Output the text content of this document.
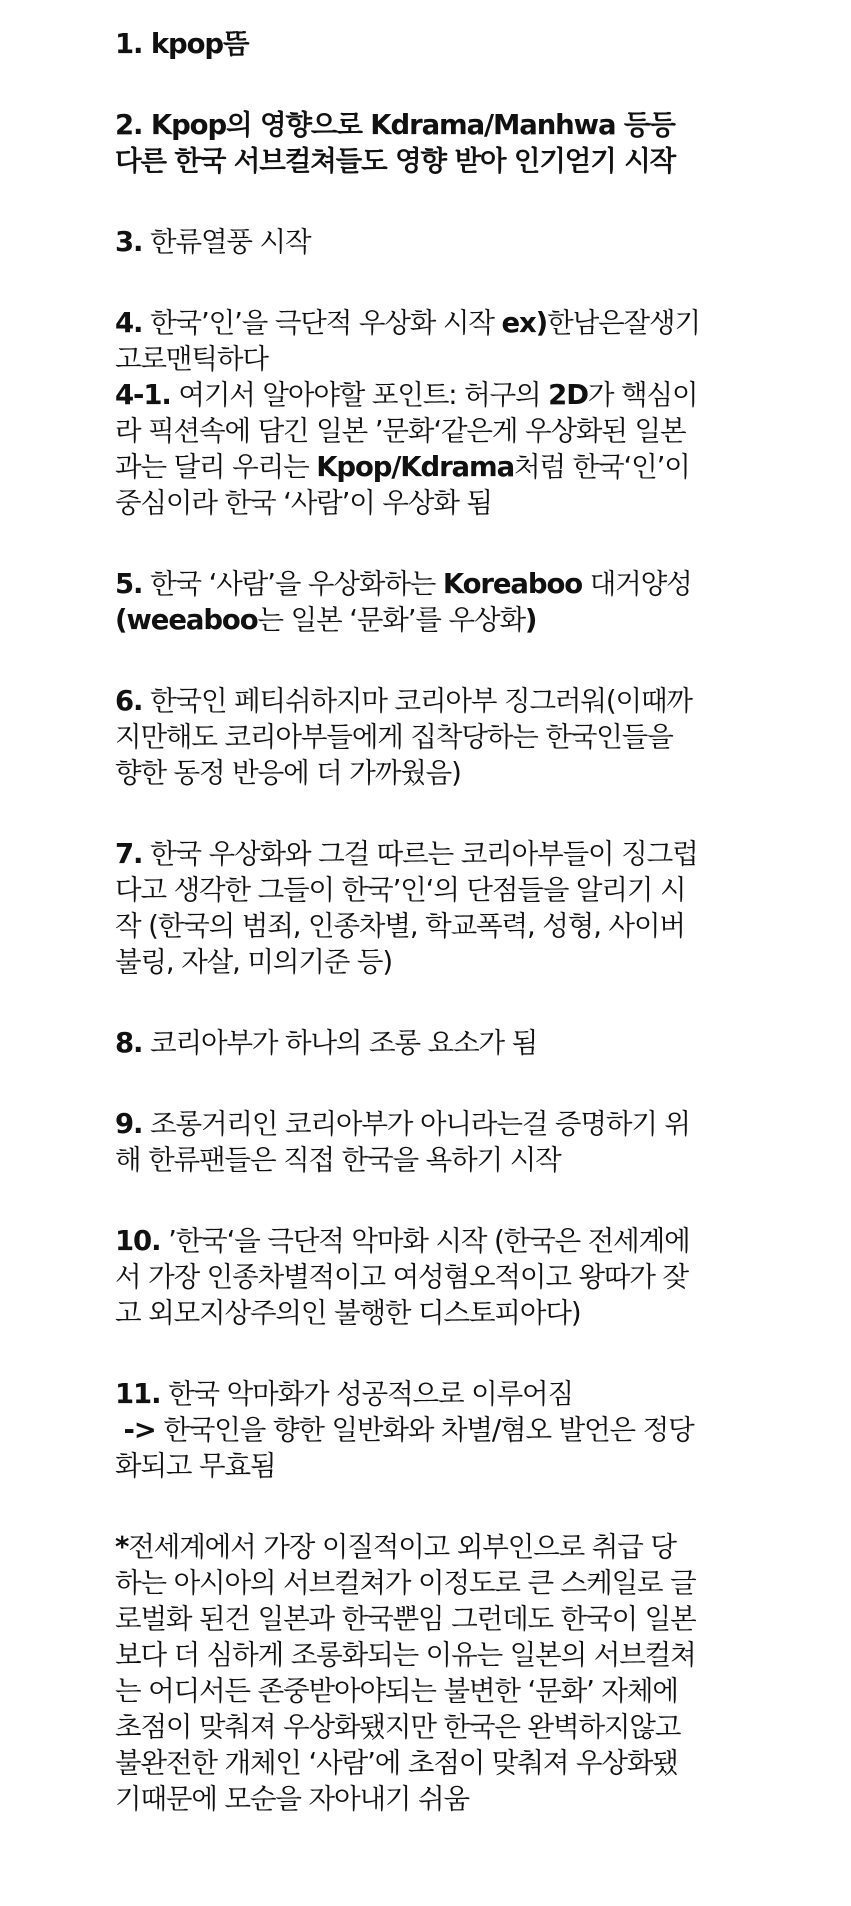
1. kpop뜸
2. Kpop의 영향으로 Kdrama/Manhwa 등등
다른 한국 서브컬쳐들도 영향 받아 인기얻기 시작
3. 한류열풍 시작
4. 한국’인’을 극단적 우상화 시작 ex)한남은잘생기
고로맨틱하다
4-1. 여기서 알아야할 포인트: 허구의 2D가 핵심이
라 픽션속에 담긴 일본 ’문화‘같은게 우상화된 일본
과는 달리 우리는 Kpop/Kdrama처럼 한국‘인’이
중심이라 한국 ‘사람’이 우상화 됨
5. 한국 ‘사람’을 우상화하는 Koreaboo 대거양성
(weeaboo는 일본 ‘문화’를 우상화)
6. 한국인 페티쉬하지마 코리아부 징그러워(이때까
지만해도 코리아부들에게 집착당하는 한국인들을
향한 동정 반응에 더 가까웠음)
7. 한국 우상화와 그걸 따르는 코리아부들이 징그럽
다고 생각한 그들이 한국’인‘의 단점들을 알리기 시
작 (한국의 범죄, 인종차별, 학교폭력, 성형, 사이버
불링, 자살, 미의기준 등)
8. 코리아부가 하나의 조롱 요소가 됨
9. 조롱거리인 코리아부가 아니라는걸 증명하기 위
해 한류팬들은 직접 한국을 욕하기 시작
10. ’한국‘을 극단적 악마화 시작 (한국은 전세계에
서 가장 인종차별적이고 여성혐오적이고 왕따가 잦
고 외모지상주의인 불행한 디스토피아다)
11. 한국 악마화가 성공적으로 이루어짐
-> 한국인을 향한 일반화와 차별/혐오 발언은 정당
화되고 무효됨
*전세계에서 가장 이질적이고 외부인으로 취급 당
하는 아시아의 서브컬쳐가 이정도로 큰 스케일로 글
로벌화 된건 일본과 한국뿐임 그런데도 한국이 일본
보다 더 심하게 조롱화되는 이유는 일본의 서브컬쳐
는 어디서든 존중받아야되는 불변한 ‘문화’ 자체에
초점이 맞춰져 우상화됐지만 한국은 완벽하지않고
불완전한 개체인 ‘사람’에 초점이 맞춰져 우상화됐
기때문에 모순을 자아내기 쉬움
